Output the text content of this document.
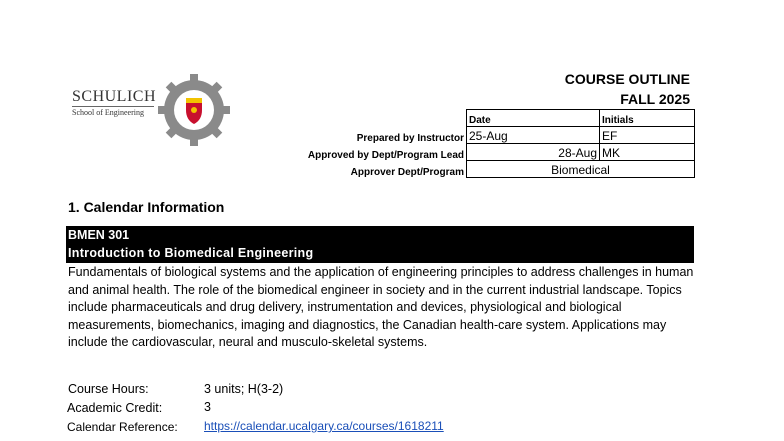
SCHULICH
School of Engineering
COURSE OUTLINE
FALL 2025
	Date	Initials
Prepared by Instructor	25-Aug	EF
Approved by Dept/Program Lead	28-Aug	MK
Approver Dept/Program	Biomedical	
1. Calendar Information
BMEN 301
Introduction to Biomedical Engineering
Fundamentals of biological systems and the application of engineering principles to address challenges in human and animal health. The role of the biomedical engineer in society and in the current industrial landscape. Topics include pharmaceuticals and drug delivery, instrumentation and devices, physiological and biological measurements, biomechanics, imaging and diagnostics, the Canadian health-care system. Applications may include the cardiovascular, neural and musculo-skeletal systems.
Course Hours:	3 units; H(3-2)
Academic Credit:	3
Calendar Reference: https://calendar.ucalgary.ca/courses/1618211
